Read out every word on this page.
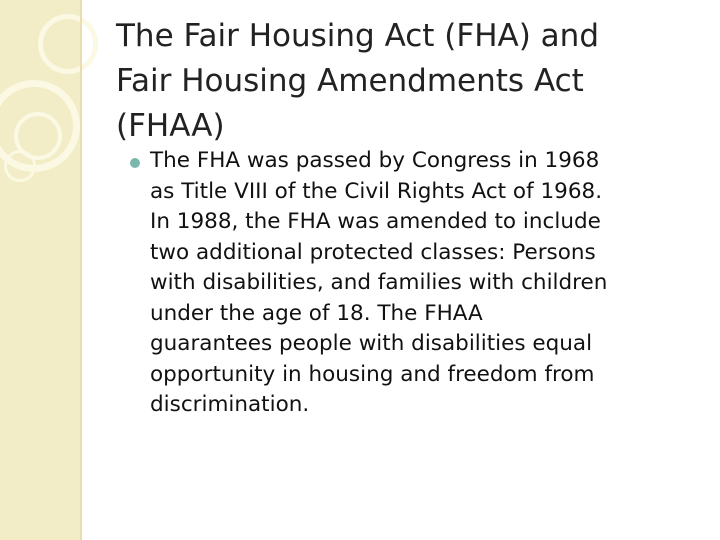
The Fair Housing Act (FHA) and
Fair Housing Amendments Act
(FHAA)
The FHA was passed by Congress in 1968
as Title VIII of the Civil Rights Act of 1968.
In 1988, the FHA was amended to include
two additional protected classes: Persons
with disabilities, and families with children
under the age of 18. The FHAA
guarantees people with disabilities equal
opportunity in housing and freedom from
discrimination.
